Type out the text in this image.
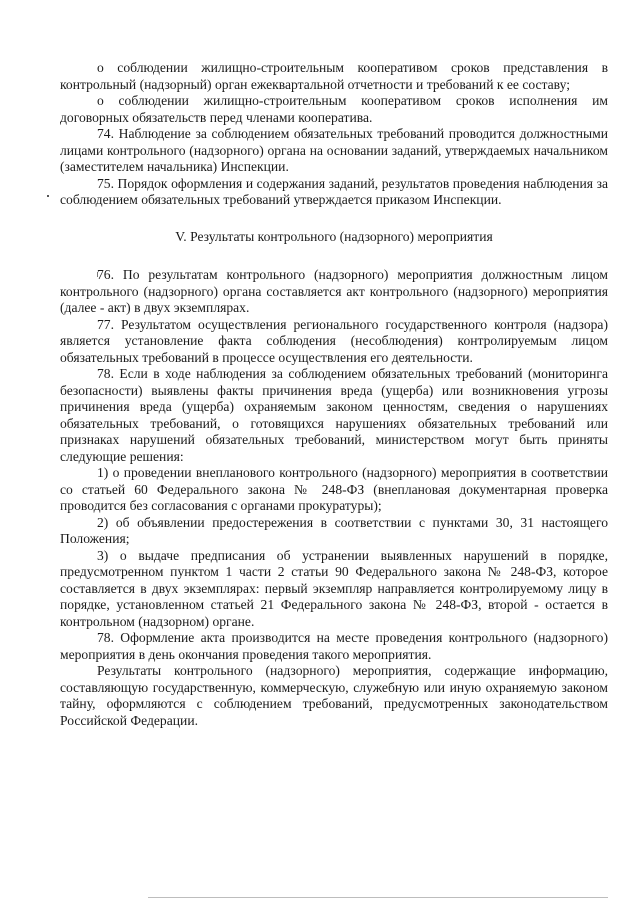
о соблюдении жилищно-строительным кооперативом сроков представления в контрольный (надзорный) орган ежеквартальной отчетности и требований к ее составу;

о соблюдении жилищно-строительным кооперативом сроков исполнения им договорных обязательств перед членами кооператива.

74. Наблюдение за соблюдением обязательных требований проводится должностными лицами контрольного (надзорного) органа на основании заданий, утверждаемых начальником (заместителем начальника) Инспекции.

75. Порядок оформления и содержания заданий, результатов проведения наблюдения за соблюдением обязательных требований утверждается приказом Инспекции.

V. Результаты контрольного (надзорного) мероприятия

76. По результатам контрольного (надзорного) мероприятия должностным лицом контрольного (надзорного) органа составляется акт контрольного (надзорного) мероприятия (далее - акт) в двух экземплярах.

77. Результатом осуществления регионального государственного контроля (надзора) является установление факта соблюдения (несоблюдения) контролируемым лицом обязательных требований в процессе осуществления его деятельности.

78. Если в ходе наблюдения за соблюдением обязательных требований (мониторинга безопасности) выявлены факты причинения вреда (ущерба) или возникновения угрозы причинения вреда (ущерба) охраняемым законом ценностям, сведения о нарушениях обязательных требований, о готовящихся нарушениях обязательных требований или признаках нарушений обязательных требований, министерством могут быть приняты следующие решения:

1) о проведении внепланового контрольного (надзорного) мероприятия в соответствии со статьей 60 Федерального закона № 248-ФЗ (внеплановая документарная проверка проводится без согласования с органами прокуратуры);

2) об объявлении предостережения в соответствии с пунктами 30, 31 настоящего Положения;

3) о выдаче предписания об устранении выявленных нарушений в порядке, предусмотренном пунктом 1 части 2 статьи 90 Федерального закона № 248-ФЗ, которое составляется в двух экземплярах: первый экземпляр направляется контролируемому лицу в порядке, установленном статьей 21 Федерального закона № 248-ФЗ, второй - остается в контрольном (надзорном) органе.

78. Оформление акта производится на месте проведения контрольного (надзорного) мероприятия в день окончания проведения такого мероприятия.

Результаты контрольного (надзорного) мероприятия, содержащие информацию, составляющую государственную, коммерческую, служебную или иную охраняемую законом тайну, оформляются с соблюдением требований, предусмотренных законодательством Российской Федерации.
